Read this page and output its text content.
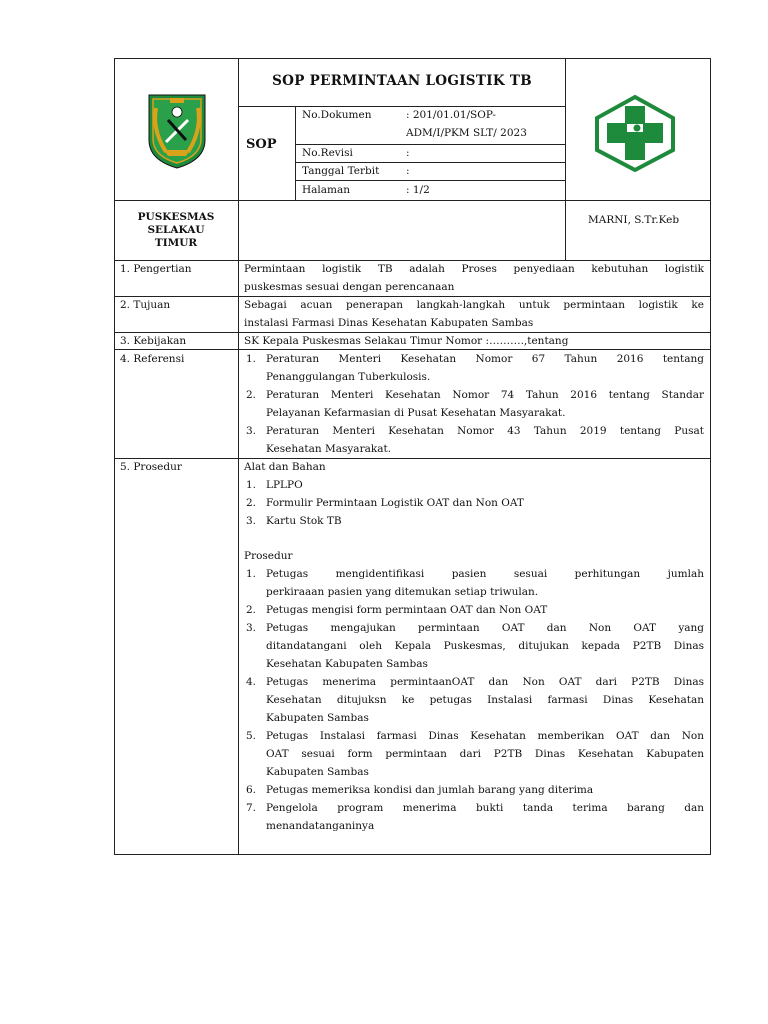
SOP PERMINTAAN LOGISTIK TB
SOP
No.Dokumen	: 201/01.01/SOP-
ADM/I/PKM SLT/ 2023
No.Revisi	:
Tanggal Terbit	:
Halaman	: 1/2
PUSKESMAS
SELAKAU
TIMUR
MARNI, S.Tr.Keb
1. Pengertian	Permintaan logistik TB adalah Proses penyediaan kebutuhan logistik
puskesmas sesuai dengan perencanaan
2. Tujuan	Sebagai acuan penerapan langkah-langkah untuk permintaan logistik ke
instalasi Farmasi Dinas Kesehatan Kabupaten Sambas
3. Kebijakan	SK Kepala Puskesmas Selakau Timur Nomor :……….,tentang
4. Referensi	1. Peraturan Menteri Kesehatan Nomor 67 Tahun 2016 tentang
Penanggulangan Tuberkulosis.
2. Peraturan Menteri Kesehatan Nomor 74 Tahun 2016 tentang Standar
Pelayanan Kefarmasian di Pusat Kesehatan Masyarakat.
3. Peraturan Menteri Kesehatan Nomor 43 Tahun 2019 tentang Pusat
Kesehatan Masyarakat.
5. Prosedur	Alat dan Bahan
1. LPLPO
2. Formulir Permintaan Logistik OAT dan Non OAT
3. Kartu Stok TB
Prosedur
1. Petugas mengidentifikasi pasien sesuai perhitungan jumlah
perkiraaan pasien yang ditemukan setiap triwulan.
2. Petugas mengisi form permintaan OAT dan Non OAT
3. Petugas mengajukan permintaan OAT dan Non OAT yang
ditandatangani oleh Kepala Puskesmas, ditujukan kepada P2TB Dinas
Kesehatan Kabupaten Sambas
4. Petugas menerima permintaanOAT dan Non OAT dari P2TB Dinas
Kesehatan ditujuksn ke petugas Instalasi farmasi Dinas Kesehatan
Kabupaten Sambas
5. Petugas Instalasi farmasi Dinas Kesehatan memberikan OAT dan Non
OAT sesuai form permintaan dari P2TB Dinas Kesehatan Kabupaten
Kabupaten Sambas
6. Petugas memeriksa kondisi dan jumlah barang yang diterima
7. Pengelola program menerima bukti tanda terima barang dan
menandatanganinya
